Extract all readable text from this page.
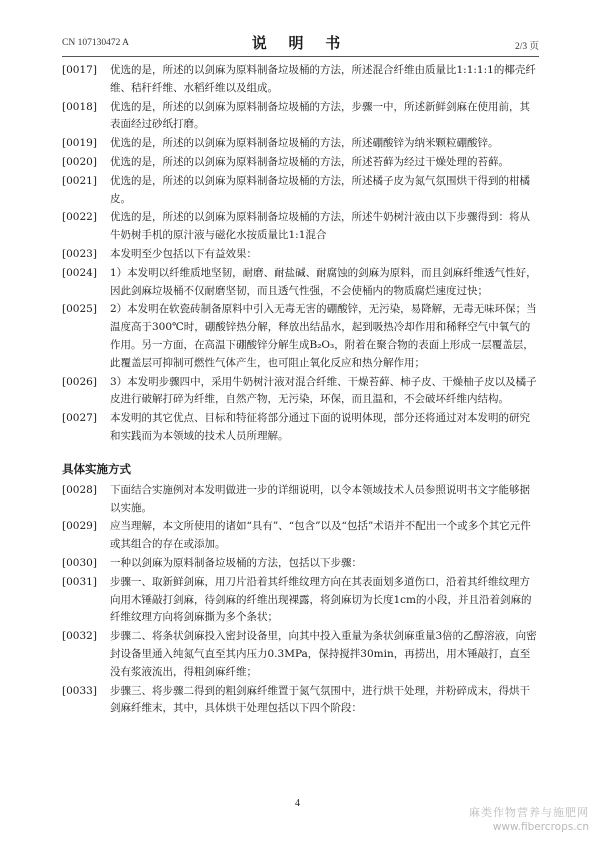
CN 107130472 A	说 明 书	2/3 页

[0017] 优选的是，所述的以剑麻为原料制备垃圾桶的方法，所述混合纤维由质量比1:1:1:1的椰壳纤维、秸秆纤维、水稻纤维以及组成。

[0018] 优选的是，所述的以剑麻为原料制备垃圾桶的方法，步骤一中，所述新鲜剑麻在使用前，其表面经过砂纸打磨。

[0019] 优选的是，所述的以剑麻为原料制备垃圾桶的方法，所述硼酸锌为纳米颗粒硼酸锌。

[0020] 优选的是，所述的以剑麻为原料制备垃圾桶的方法，所述苔藓为经过干燥处理的苔藓。

[0021] 优选的是，所述的以剑麻为原料制备垃圾桶的方法，所述橘子皮为氮气氛围烘干得到的柑橘皮。

[0022] 优选的是，所述的以剑麻为原料制备垃圾桶的方法，所述牛奶树汁液由以下步骤得到：将从牛奶树手机的原汁液与磁化水按质量比1:1混合

[0023] 本发明至少包括以下有益效果：

[0024] 1）本发明以纤维质地坚韧，耐磨、耐盐碱、耐腐蚀的剑麻为原料，而且剑麻纤维透气性好，因此剑麻垃圾桶不仅耐磨坚韧，而且透气性强，不会使桶内的物质腐烂速度过快；

[0025] 2）本发明在软瓷砖制备原料中引入无毒无害的硼酸锌，无污染，易降解，无毒无味环保；当温度高于300℃时，硼酸锌热分解，释放出结晶水，起到吸热冷却作用和稀释空气中氧气的作用。另一方面，在高温下硼酸锌分解生成B₂O₃，附着在聚合物的表面上形成一层覆盖层，此覆盖层可抑制可燃性气体产生，也可阻止氧化反应和热分解作用；

[0026] 3）本发明步骤四中，采用牛奶树汁液对混合纤维、干燥苔藓、柿子皮、干燥柚子皮以及橘子皮进行破解打碎为纤维，自然产物，无污染，环保，而且温和，不会破坏纤维内结构。

[0027] 本发明的其它优点、目标和特征将部分通过下面的说明体现，部分还将通过对本发明的研究和实践而为本领域的技术人员所理解。

具体实施方式

[0028] 下面结合实施例对本发明做进一步的详细说明，以令本领域技术人员参照说明书文字能够据以实施。

[0029] 应当理解，本文所使用的诸如“具有”、“包含”以及“包括”术语并不配出一个或多个其它元件或其组合的存在或添加。

[0030] 一种以剑麻为原料制备垃圾桶的方法，包括以下步骤：

[0031] 步骤一、取新鲜剑麻，用刀片沿着其纤维纹理方向在其表面划多道伤口，沿着其纤维纹理方向用木锤敲打剑麻，待剑麻的纤维出现裸露，将剑麻切为长度1cm的小段，并且沿着剑麻的纤维纹理方向将剑麻撕为多个条状；

[0032] 步骤二、将条状剑麻投入密封设备里，向其中投入重量为条状剑麻重量3倍的乙醇溶液，向密封设备里通入纯氮气直至其内压力0.3MPa，保持搅拌30min，再捞出，用木锤敲打，直至没有浆液流出，得粗剑麻纤维；

[0033] 步骤三、将步骤二得到的粗剑麻纤维置于氮气氛围中，进行烘干处理，并粉碎成末，得烘干剑麻纤维末，其中，具体烘干处理包括以下四个阶段：

4
麻类作物营养与施肥网
www.fibercrops.cn
